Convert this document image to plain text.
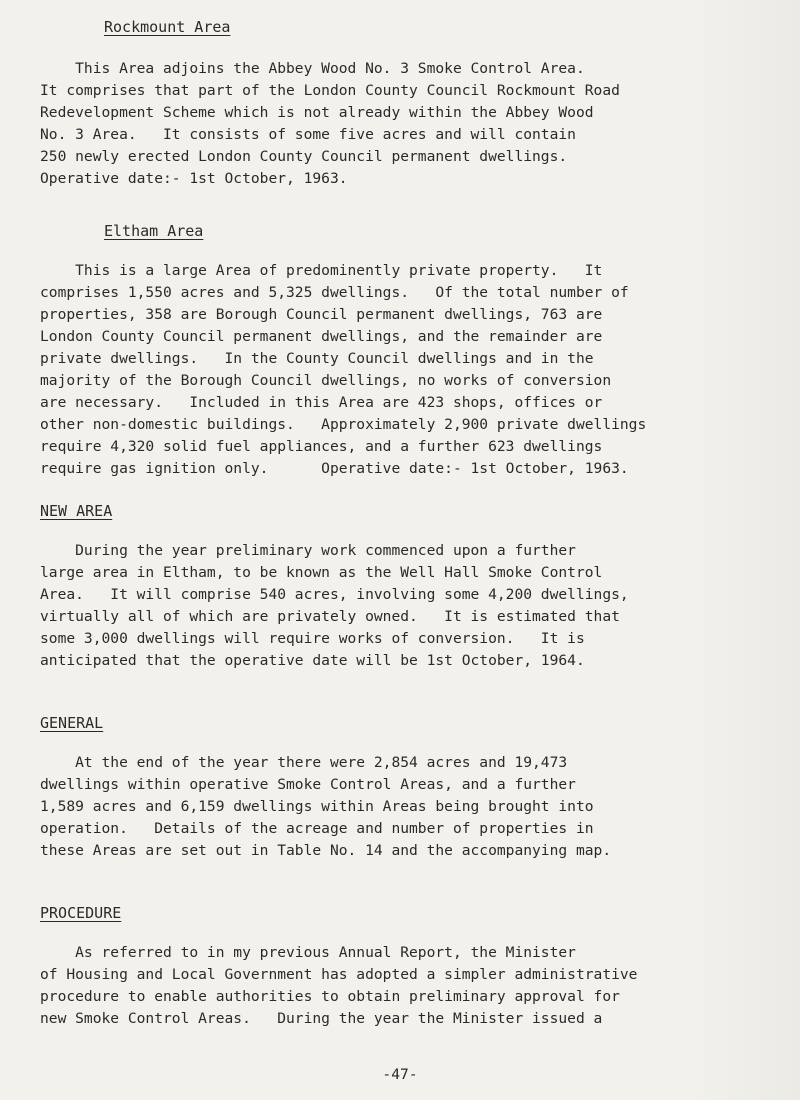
Rockmount Area
This Area adjoins the Abbey Wood No. 3 Smoke Control Area.
It comprises that part of the London County Council Rockmount Road
Redevelopment Scheme which is not already within the Abbey Wood
No. 3 Area.   It consists of some five acres and will contain
250 newly erected London County Council permanent dwellings.
Operative date:- 1st October, 1963.
Eltham Area
This is a large Area of predominently private property.   It
comprises 1,550 acres and 5,325 dwellings.   Of the total number of
properties, 358 are Borough Council permanent dwellings, 763 are
London County Council permanent dwellings, and the remainder are
private dwellings.   In the County Council dwellings and in the
majority of the Borough Council dwellings, no works of conversion
are necessary.   Included in this Area are 423 shops, offices or
other non-domestic buildings.   Approximately 2,900 private dwellings
require 4,320 solid fuel appliances, and a further 623 dwellings
require gas ignition only.      Operative date:- 1st October, 1963.
NEW AREA
During the year preliminary work commenced upon a further
large area in Eltham, to be known as the Well Hall Smoke Control
Area.   It will comprise 540 acres, involving some 4,200 dwellings,
virtually all of which are privately owned.   It is estimated that
some 3,000 dwellings will require works of conversion.   It is
anticipated that the operative date will be 1st October, 1964.
GENERAL
At the end of the year there were 2,854 acres and 19,473
dwellings within operative Smoke Control Areas, and a further
1,589 acres and 6,159 dwellings within Areas being brought into
operation.   Details of the acreage and number of properties in
these Areas are set out in Table No. 14 and the accompanying map.
PROCEDURE
As referred to in my previous Annual Report, the Minister
of Housing and Local Government has adopted a simpler administrative
procedure to enable authorities to obtain preliminary approval for
new Smoke Control Areas.   During the year the Minister issued a
-47-
